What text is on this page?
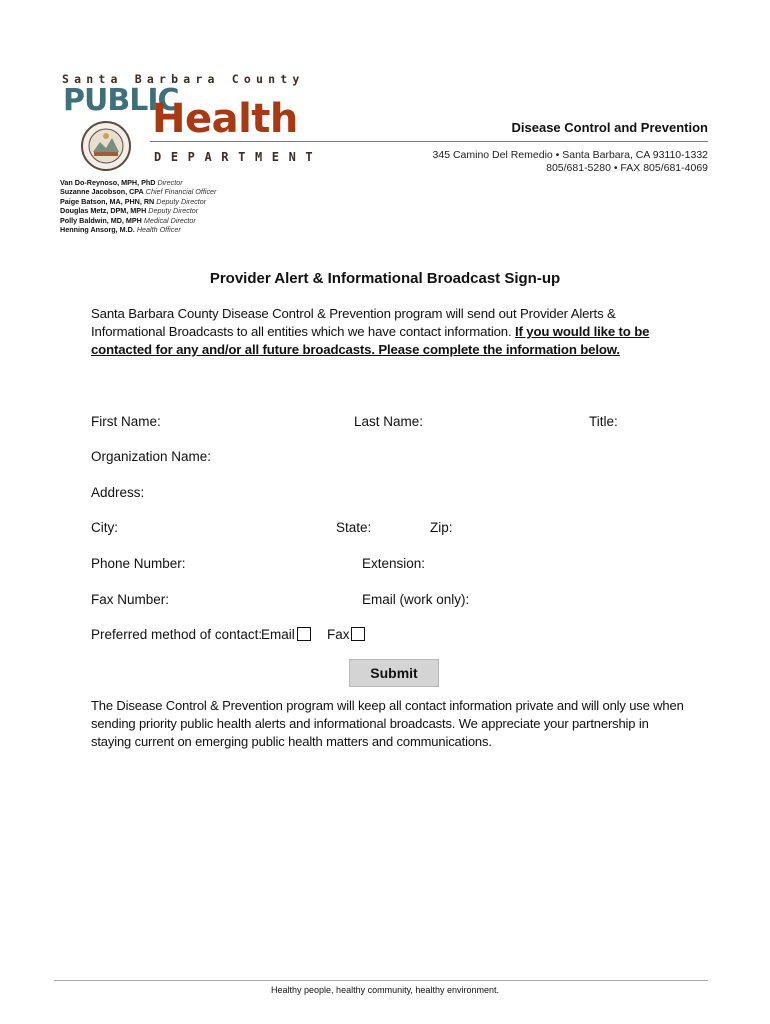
Santa Barbara County
PUBLIC
Health
DEPARTMENT
Disease Control and Prevention
345 Camino Del Remedio • Santa Barbara, CA 93110-1332
805/681-5280 • FAX 805/681-4069
Van Do-Reynoso, MPH, PhD Director
Suzanne Jacobson, CPA Chief Financial Officer
Paige Batson, MA, PHN, RN Deputy Director
Douglas Metz, DPM, MPH Deputy Director
Polly Baldwin, MD, MPH Medical Director
Henning Ansorg, M.D. Health Officer
Provider Alert & Informational Broadcast Sign-up
Santa Barbara County Disease Control & Prevention program will send out Provider Alerts & Informational Broadcasts to all entities which we have contact information. If you would like to be contacted for any and/or all future broadcasts. Please complete the information below.
First Name:	Last Name:	Title:
Organization Name:
Address:
City:	State:	Zip:
Phone Number:	Extension:
Fax Number:	Email (work only):
Preferred method of contact:
Email Fax
Submit
The Disease Control & Prevention program will keep all contact information private and will only use when sending priority public health alerts and informational broadcasts. We appreciate your partnership in staying current on emerging public health matters and communications.
Healthy people, healthy community, healthy environment.
